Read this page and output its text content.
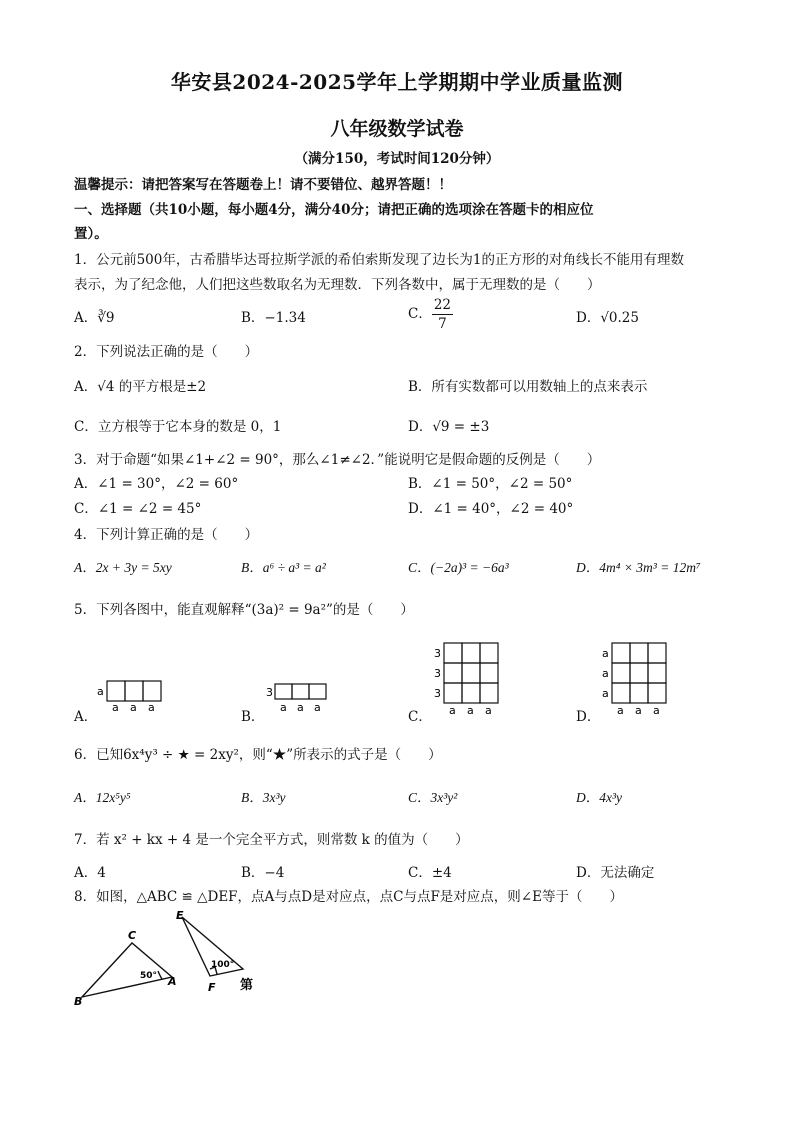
华安县2024-2025学年上学期期中学业质量监测
八年级数学试卷
（满分150，考试时间120分钟）
温馨提示：请把答案写在答题卷上！请不要错位、越界答题！！
一、选择题（共10小题，每小题4分，满分40分；请把正确的选项涂在答题卡的相应位
置）。
1．公元前500年，古希腊毕达哥拉斯学派的希伯索斯发现了边长为1的正方形的对角线长不能用有理数
表示，为了纪念他，人们把这些数取名为无理数．下列各数中，属于无理数的是（　　）
A．∛9	B．−1.34̇	C． $\frac{22}{7}$	D．√0.25
2．下列说法正确的是（　　）
A．√4 的平方根是±2	B．所有实数都可以用数轴上的点来表示
C．立方根等于它本身的数是 0，1	D．√9 = ±3
3．对于命题“如果∠1+∠2 = 90°，那么∠1≠∠2．”能说明它是假命题的反例是（　　）
A．∠1 = 30°，∠2 = 60°	B．∠1 = 50°，∠2 = 50°
C．∠1 = ∠2 = 45°	D．∠1 = 40°，∠2 = 40°
4．下列计算正确的是（　　）
A．2x + 3y = 5xy	B．a⁶ ÷ a³ = a²	C．(−2a)³ = −6a³	D．4m⁴ × 3m³ = 12m⁷
5．下列各图中，能直观解释“(3a)² = 9a²”的是（　　）
A．	B．	C．	D．
a
a a a
3
a a a
3
3
3
a a a
a
a
a
a a a
6．已知6x⁴y³ ÷ ★ = 2xy²，则“★”所表示的式子是（　　）
A．12x⁵y⁵	B．3x³y	C．3x³y²	D．4x³y
7．若 x² + kx + 4 是一个完全平方式，则常数 k 的值为（　　）
A．4	B．−4	C．±4	D．无法确定
8．如图，△ABC ≌ △DEF，点A与点D是对应点，点C与点F是对应点，则∠E等于（　　）
C
A
B
50°
E
F
100°
第
